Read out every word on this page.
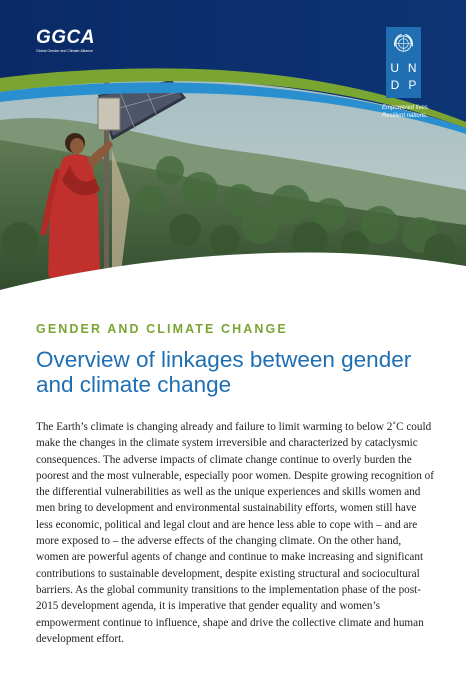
GGCA
Global Gender and Climate Alliance
U N
D P
Empowered lives.
Resilient nations.
GENDER AND CLIMATE CHANGE
Overview of linkages between gender and climate change

The Earth’s climate is changing already and failure to limit warming to below 2˚C could make the changes in the climate system irreversible and characterized by cataclysmic consequences. The adverse impacts of climate change continue to overly burden the poorest and the most vulnerable, especially poor women. Despite growing recognition of the differential vulnerabilities as well as the unique experiences and skills women and men bring to development and environmental sustainability efforts, women still have less economic, political and legal clout and are hence less able to cope with – and are more exposed to – the adverse effects of the changing climate. On the other hand, women are powerful agents of change and continue to make increasing and significant contributions to sustainable development, despite existing structural and sociocultural barriers. As the global community transitions to the implementation phase of the post-2015 development agenda, it is imperative that gender equality and women’s empowerment continue to influence, shape and drive the collective climate and human development effort.
